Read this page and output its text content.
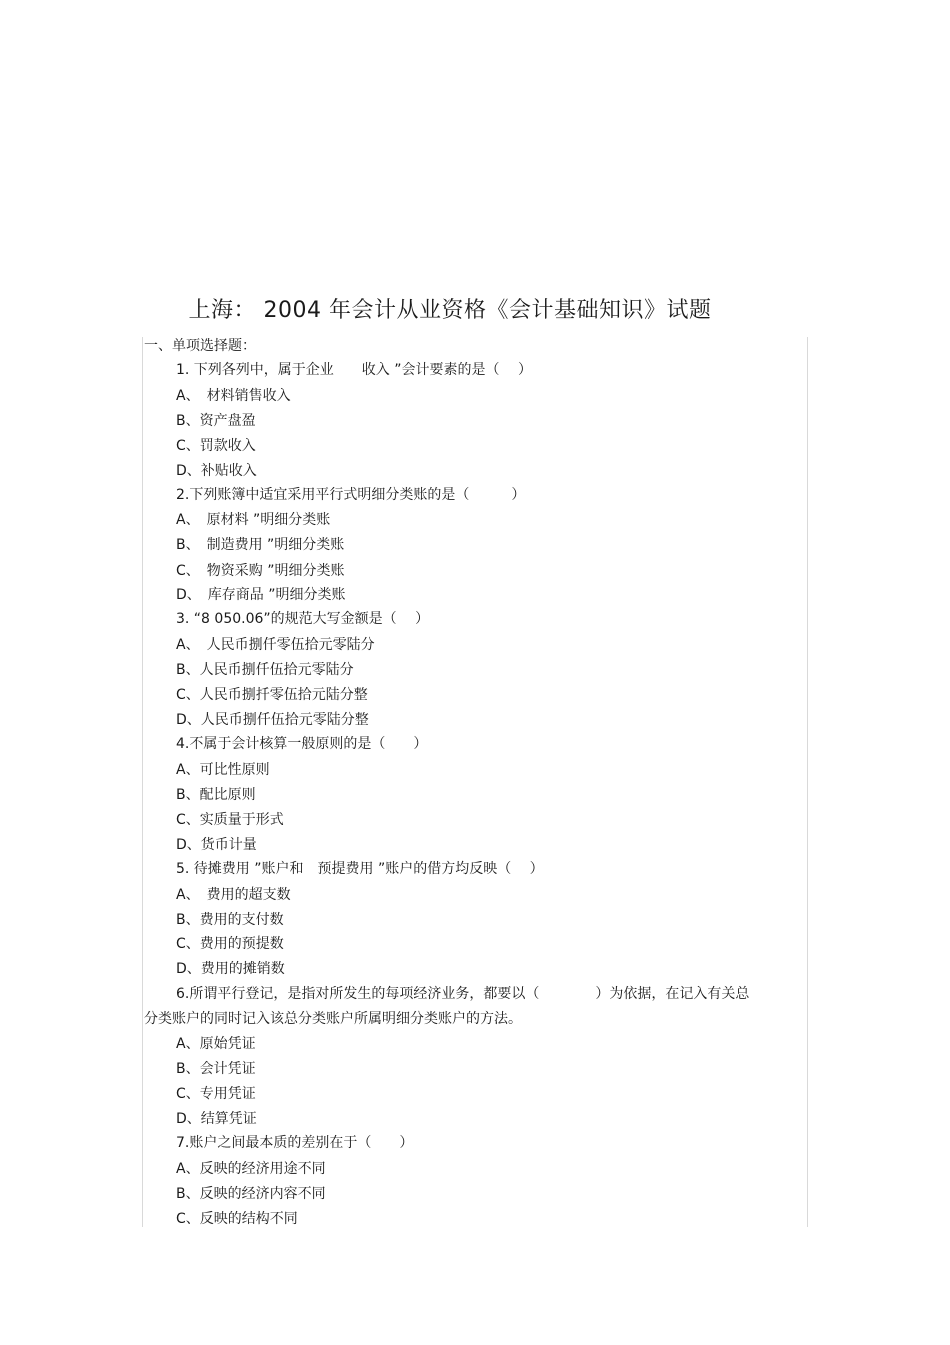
上海： 2004 年会计从业资格《会计基础知识》试题
一、单项选择题：
1. 下列各列中，属于企业　　收入 ”会计要素的是（　 ）
A、　材料销售收入
B、资产盘盈
C、罚款收入
D、补贴收入
2.下列账簿中适宜采用平行式明细分类账的是（　　　）
A、　原材料 ”明细分类账
B、　制造费用 ”明细分类账
C、　物资采购 ”明细分类账
D、　库存商品 ”明细分类账
3. “8 050.06”的规范大写金额是（　 ）
A、　人民币捌仟零伍拾元零陆分
B、人民币捌仟伍拾元零陆分
C、人民币捌扦零伍拾元陆分整
D、人民币捌仟伍拾元零陆分整
4.不属于会计核算一般原则的是（　　）
A、可比性原则
B、配比原则
C、实质量于形式
D、货币计量
5. 待摊费用 ”账户和　预提费用 ”账户的借方均反映（　 ）
A、　费用的超支数
B、费用的支付数
C、费用的预提数
D、费用的摊销数
6.所谓平行登记，是指对所发生的每项经济业务，都要以（　　　　）为依据，在记入有关总
分类账户的同时记入该总分类账户所属明细分类账户的方法。
A、原始凭证
B、会计凭证
C、专用凭证
D、结算凭证
7.账户之间最本质的差别在于（　　）
A、反映的经济用途不同
B、反映的经济内容不同
C、反映的结构不同
